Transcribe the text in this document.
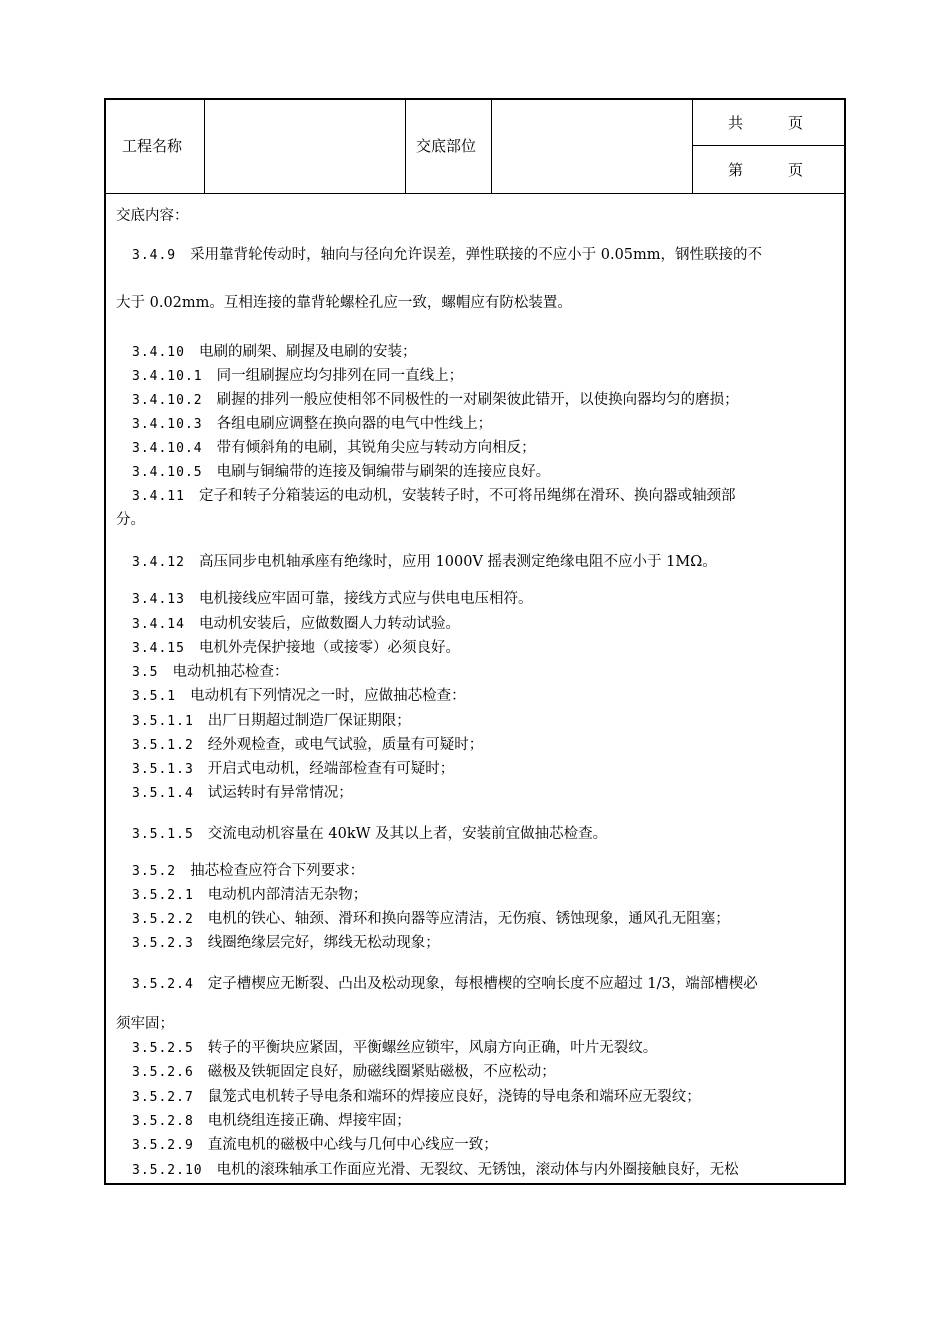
工程名称	交底部位
共　　　页
第　　　页
交底内容：
3.4.9 采用靠背轮传动时，轴向与径向允许误差，弹性联接的不应小于 0.05mm，钢性联接的不
大于 0.02mm。互相连接的靠背轮螺栓孔应一致，螺帽应有防松装置。
3.4.10 电刷的刷架、刷握及电刷的安装；
3.4.10.1 同一组刷握应均匀排列在同一直线上；
3.4.10.2 刷握的排列一般应使相邻不同极性的一对刷架彼此错开，以使换向器均匀的磨损；
3.4.10.3 各组电刷应调整在换向器的电气中性线上；
3.4.10.4 带有倾斜角的电刷，其锐角尖应与转动方向相反；
3.4.10.5 电刷与铜编带的连接及铜编带与刷架的连接应良好。
3.4.11 定子和转子分箱装运的电动机，安装转子时，不可将吊绳绑在滑环、换向器或轴颈部
分。
3.4.12 高压同步电机轴承座有绝缘时，应用 1000V 摇表测定绝缘电阻不应小于 1MΩ。
3.4.13 电机接线应牢固可靠，接线方式应与供电电压相符。
3.4.14 电动机安装后，应做数圈人力转动试验。
3.4.15 电机外壳保护接地（或接零）必须良好。
3.5 电动机抽芯检查：
3.5.1 电动机有下列情况之一时，应做抽芯检查：
3.5.1.1 出厂日期超过制造厂保证期限；
3.5.1.2 经外观检查，或电气试验，质量有可疑时；
3.5.1.3 开启式电动机，经端部检查有可疑时；
3.5.1.4 试运转时有异常情况；
3.5.1.5 交流电动机容量在 40kW 及其以上者，安装前宜做抽芯检查。
3.5.2 抽芯检查应符合下列要求：
3.5.2.1 电动机内部清洁无杂物；
3.5.2.2 电机的铁心、轴颈、滑环和换向器等应清洁，无伤痕、锈蚀现象，通风孔无阻塞；
3.5.2.3 线圈绝缘层完好，绑线无松动现象；
3.5.2.4 定子槽楔应无断裂、凸出及松动现象，每根槽楔的空响长度不应超过 1/3，端部槽楔必
须牢固；
3.5.2.5 转子的平衡块应紧固，平衡螺丝应锁牢，风扇方向正确，叶片无裂纹。
3.5.2.6 磁极及铁轭固定良好，励磁线圈紧贴磁极，不应松动；
3.5.2.7 鼠笼式电机转子导电条和端环的焊接应良好，浇铸的导电条和端环应无裂纹；
3.5.2.8 电机绕组连接正确、焊接牢固；
3.5.2.9 直流电机的磁极中心线与几何中心线应一致；
3.5.2.10 电机的滚珠轴承工作面应光滑、无裂纹、无锈蚀，滚动体与内外圈接触良好，无松
